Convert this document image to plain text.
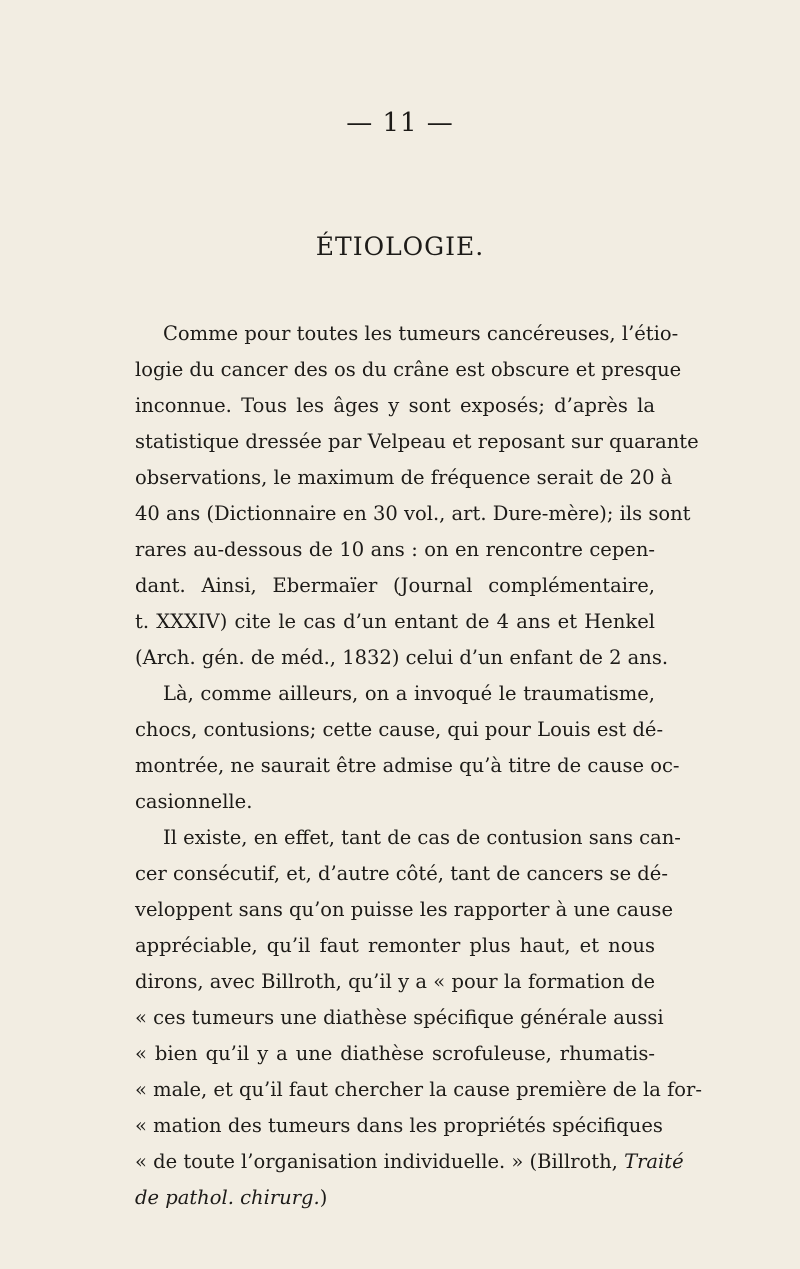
— 11 —
ÉTIOLOGIE.
Comme pour toutes les tumeurs cancéreuses, l’étio-
logie du cancer des os du crâne est obscure et presque
inconnue. Tous les âges y sont exposés; d’après la
statistique dressée par Velpeau et reposant sur quarante
observations, le maximum de fréquence serait de 20 à
40 ans (Dictionnaire en 30 vol., art. Dure-mère); ils sont
rares au-dessous de 10 ans : on en rencontre cepen-
dant. Ainsi, Ebermaïer (Journal complémentaire,
t. XXXIV) cite le cas d’un entant de 4 ans et Henkel
(Arch. gén. de méd., 1832) celui d’un enfant de 2 ans.
Là, comme ailleurs, on a invoqué le traumatisme,
chocs, contusions; cette cause, qui pour Louis est dé-
montrée, ne saurait être admise qu’à titre de cause oc-
casionnelle.
Il existe, en effet, tant de cas de contusion sans can-
cer consécutif, et, d’autre côté, tant de cancers se dé-
veloppent sans qu’on puisse les rapporter à une cause
appréciable, qu’il faut remonter plus haut, et nous
dirons, avec Billroth, qu’il y a « pour la formation de
« ces tumeurs une diathèse spécifique générale aussi
« bien qu’il y a une diathèse scrofuleuse, rhumatis-
« male, et qu’il faut chercher la cause première de la for-
« mation des tumeurs dans les propriétés spécifiques
« de toute l’organisation individuelle. » (Billroth, Traité
de pathol. chirurg.)
